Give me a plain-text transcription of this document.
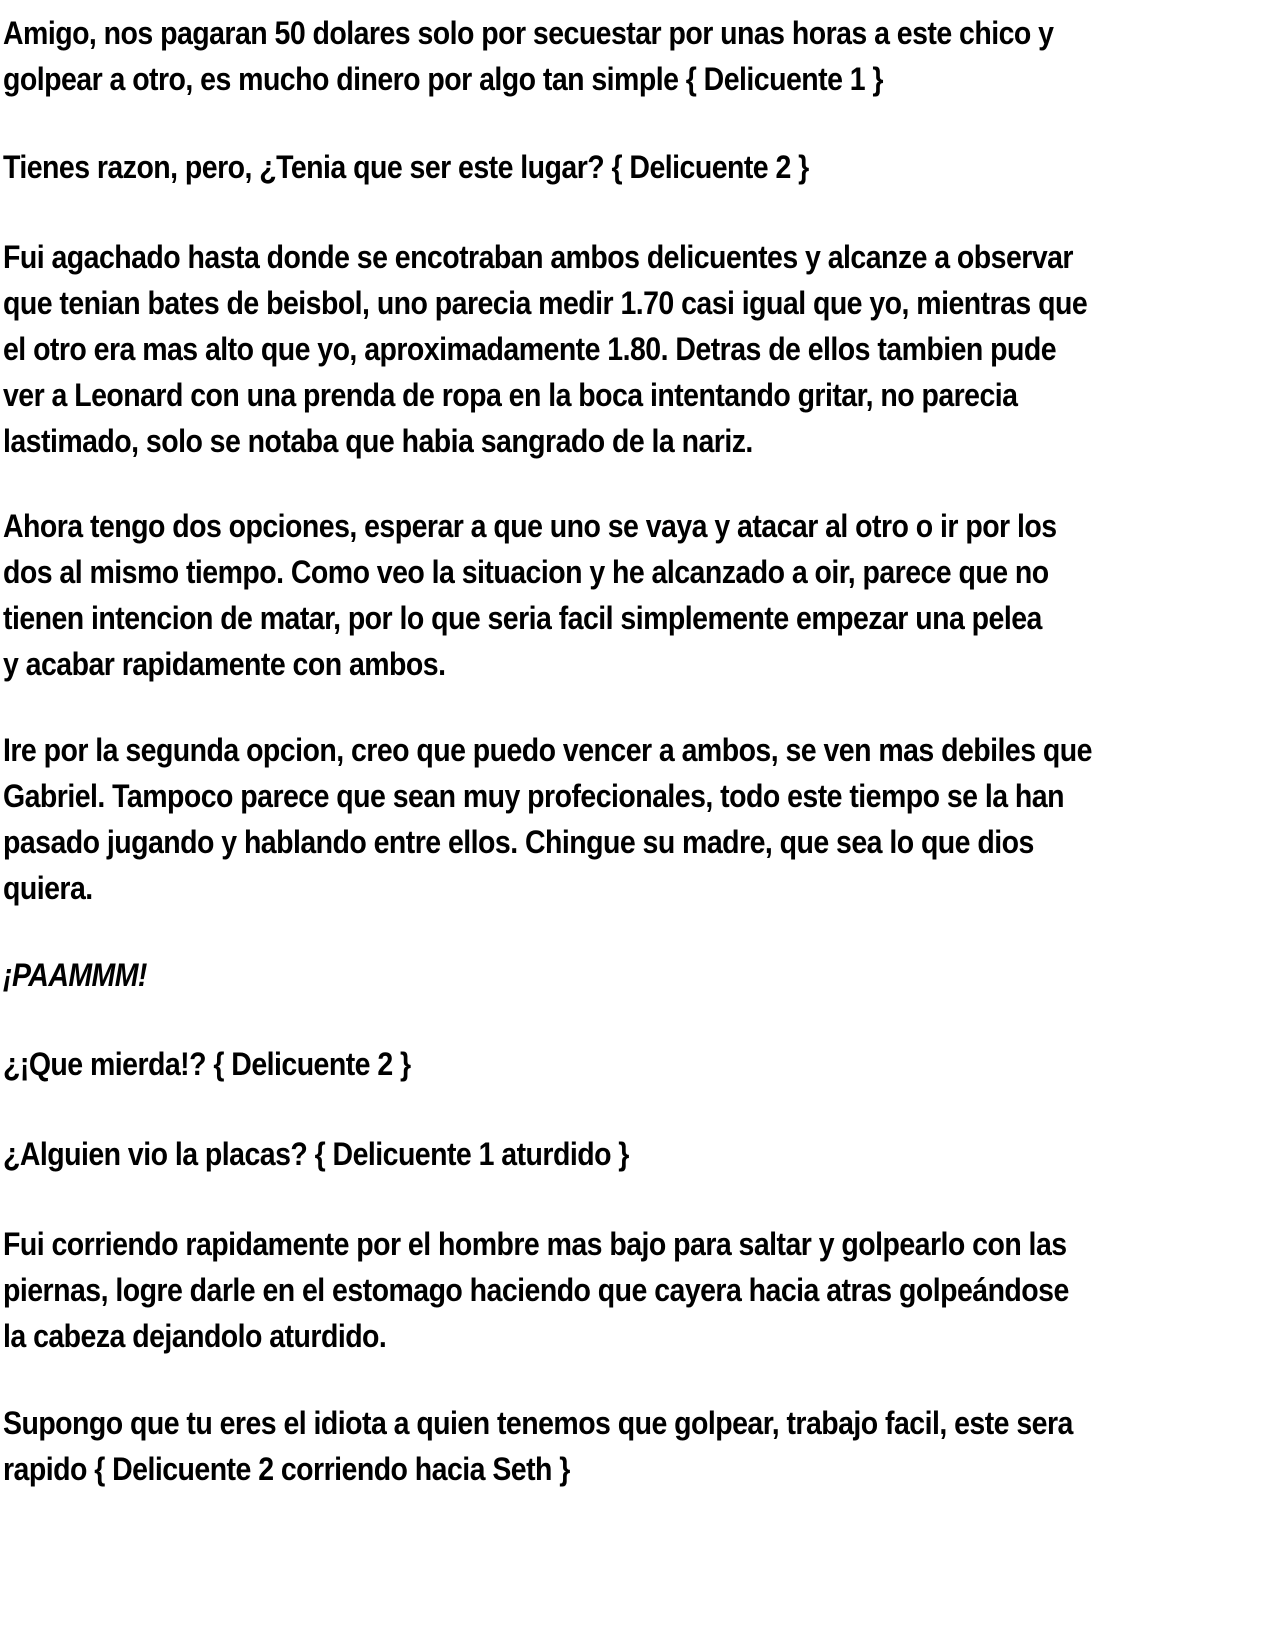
Amigo, nos pagaran 50 dolares solo por secuestar por unas horas a este chico y
golpear a otro, es mucho dinero por algo tan simple { Delicuente 1 }

Tienes razon, pero, ¿Tenia que ser este lugar? { Delicuente 2 }

Fui agachado hasta donde se encotraban ambos delicuentes y alcanze a observar
que tenian bates de beisbol, uno parecia medir 1.70 casi igual que yo, mientras que
el otro era mas alto que yo, aproximadamente 1.80. Detras de ellos tambien pude
ver a Leonard con una prenda de ropa en la boca intentando gritar, no parecia
lastimado, solo se notaba que habia sangrado de la nariz.

Ahora tengo dos opciones, esperar a que uno se vaya y atacar al otro o ir por los
dos al mismo tiempo. Como veo la situacion y he alcanzado a oir, parece que no
tienen intencion de matar, por lo que seria facil simplemente empezar una pelea
y acabar rapidamente con ambos.

Ire por la segunda opcion, creo que puedo vencer a ambos, se ven mas debiles que
Gabriel. Tampoco parece que sean muy profecionales, todo este tiempo se la han
pasado jugando y hablando entre ellos. Chingue su madre, que sea lo que dios
quiera.

¡PAAMMM!

¿¡Que mierda!? { Delicuente 2 }

¿Alguien vio la placas? { Delicuente 1 aturdido }

Fui corriendo rapidamente por el hombre mas bajo para saltar y golpearlo con las
piernas, logre darle en el estomago haciendo que cayera hacia atras golpeándose
la cabeza dejandolo aturdido.

Supongo que tu eres el idiota a quien tenemos que golpear, trabajo facil, este sera
rapido { Delicuente 2 corriendo hacia Seth }
